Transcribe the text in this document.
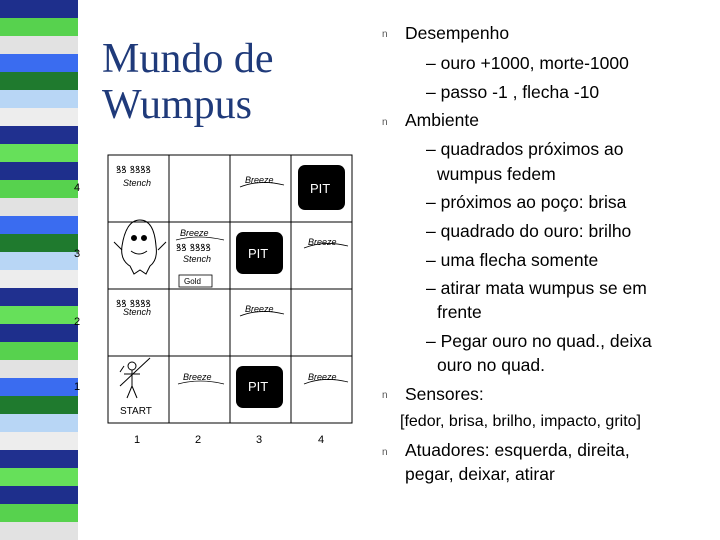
Mundo de
Wumpus
4
3
2
1
1	2	3	4
ꝸꝸ ꝸꝸꝸꝸ
ꝸꝸ ꝸꝸꝸꝸ
ꝸꝸ ꝸꝸꝸꝸ
Stench	Breeze
Breeze
Stench
Breeze
Stench	Breeze
Breeze	Breeze
PIT
PIT
PIT
Gold
START
n Desempenho
– ouro +1000, morte-1000
– passo -1 , flecha -10
n Ambiente
– quadrados próximos ao
wumpus fedem
– próximos ao poço: brisa
– quadrado do ouro: brilho
– uma flecha somente
– atirar mata wumpus se em
frente
– Pegar ouro no quad., deixa
ouro no quad.
n Sensores:
[fedor, brisa, brilho, impacto, grito]
n Atuadores: esquerda, direita,
pegar, deixar, atirar
